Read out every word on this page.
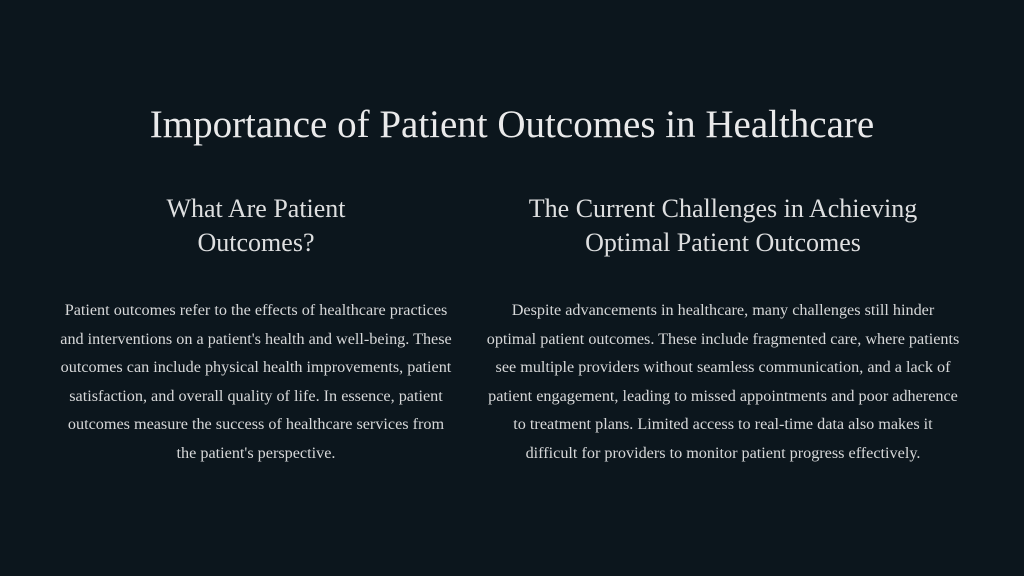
Importance of Patient Outcomes in Healthcare
What Are Patient Outcomes?

Patient outcomes refer to the effects of healthcare practices and interventions on a patient's health and well-being. These outcomes can include physical health improvements, patient satisfaction, and overall quality of life. In essence, patient outcomes measure the success of healthcare services from the patient's perspective.

The Current Challenges in Achieving Optimal Patient Outcomes

Despite advancements in healthcare, many challenges still hinder optimal patient outcomes. These include fragmented care, where patients see multiple providers without seamless communication, and a lack of patient engagement, leading to missed appointments and poor adherence to treatment plans. Limited access to real-time data also makes it difficult for providers to monitor patient progress effectively.
